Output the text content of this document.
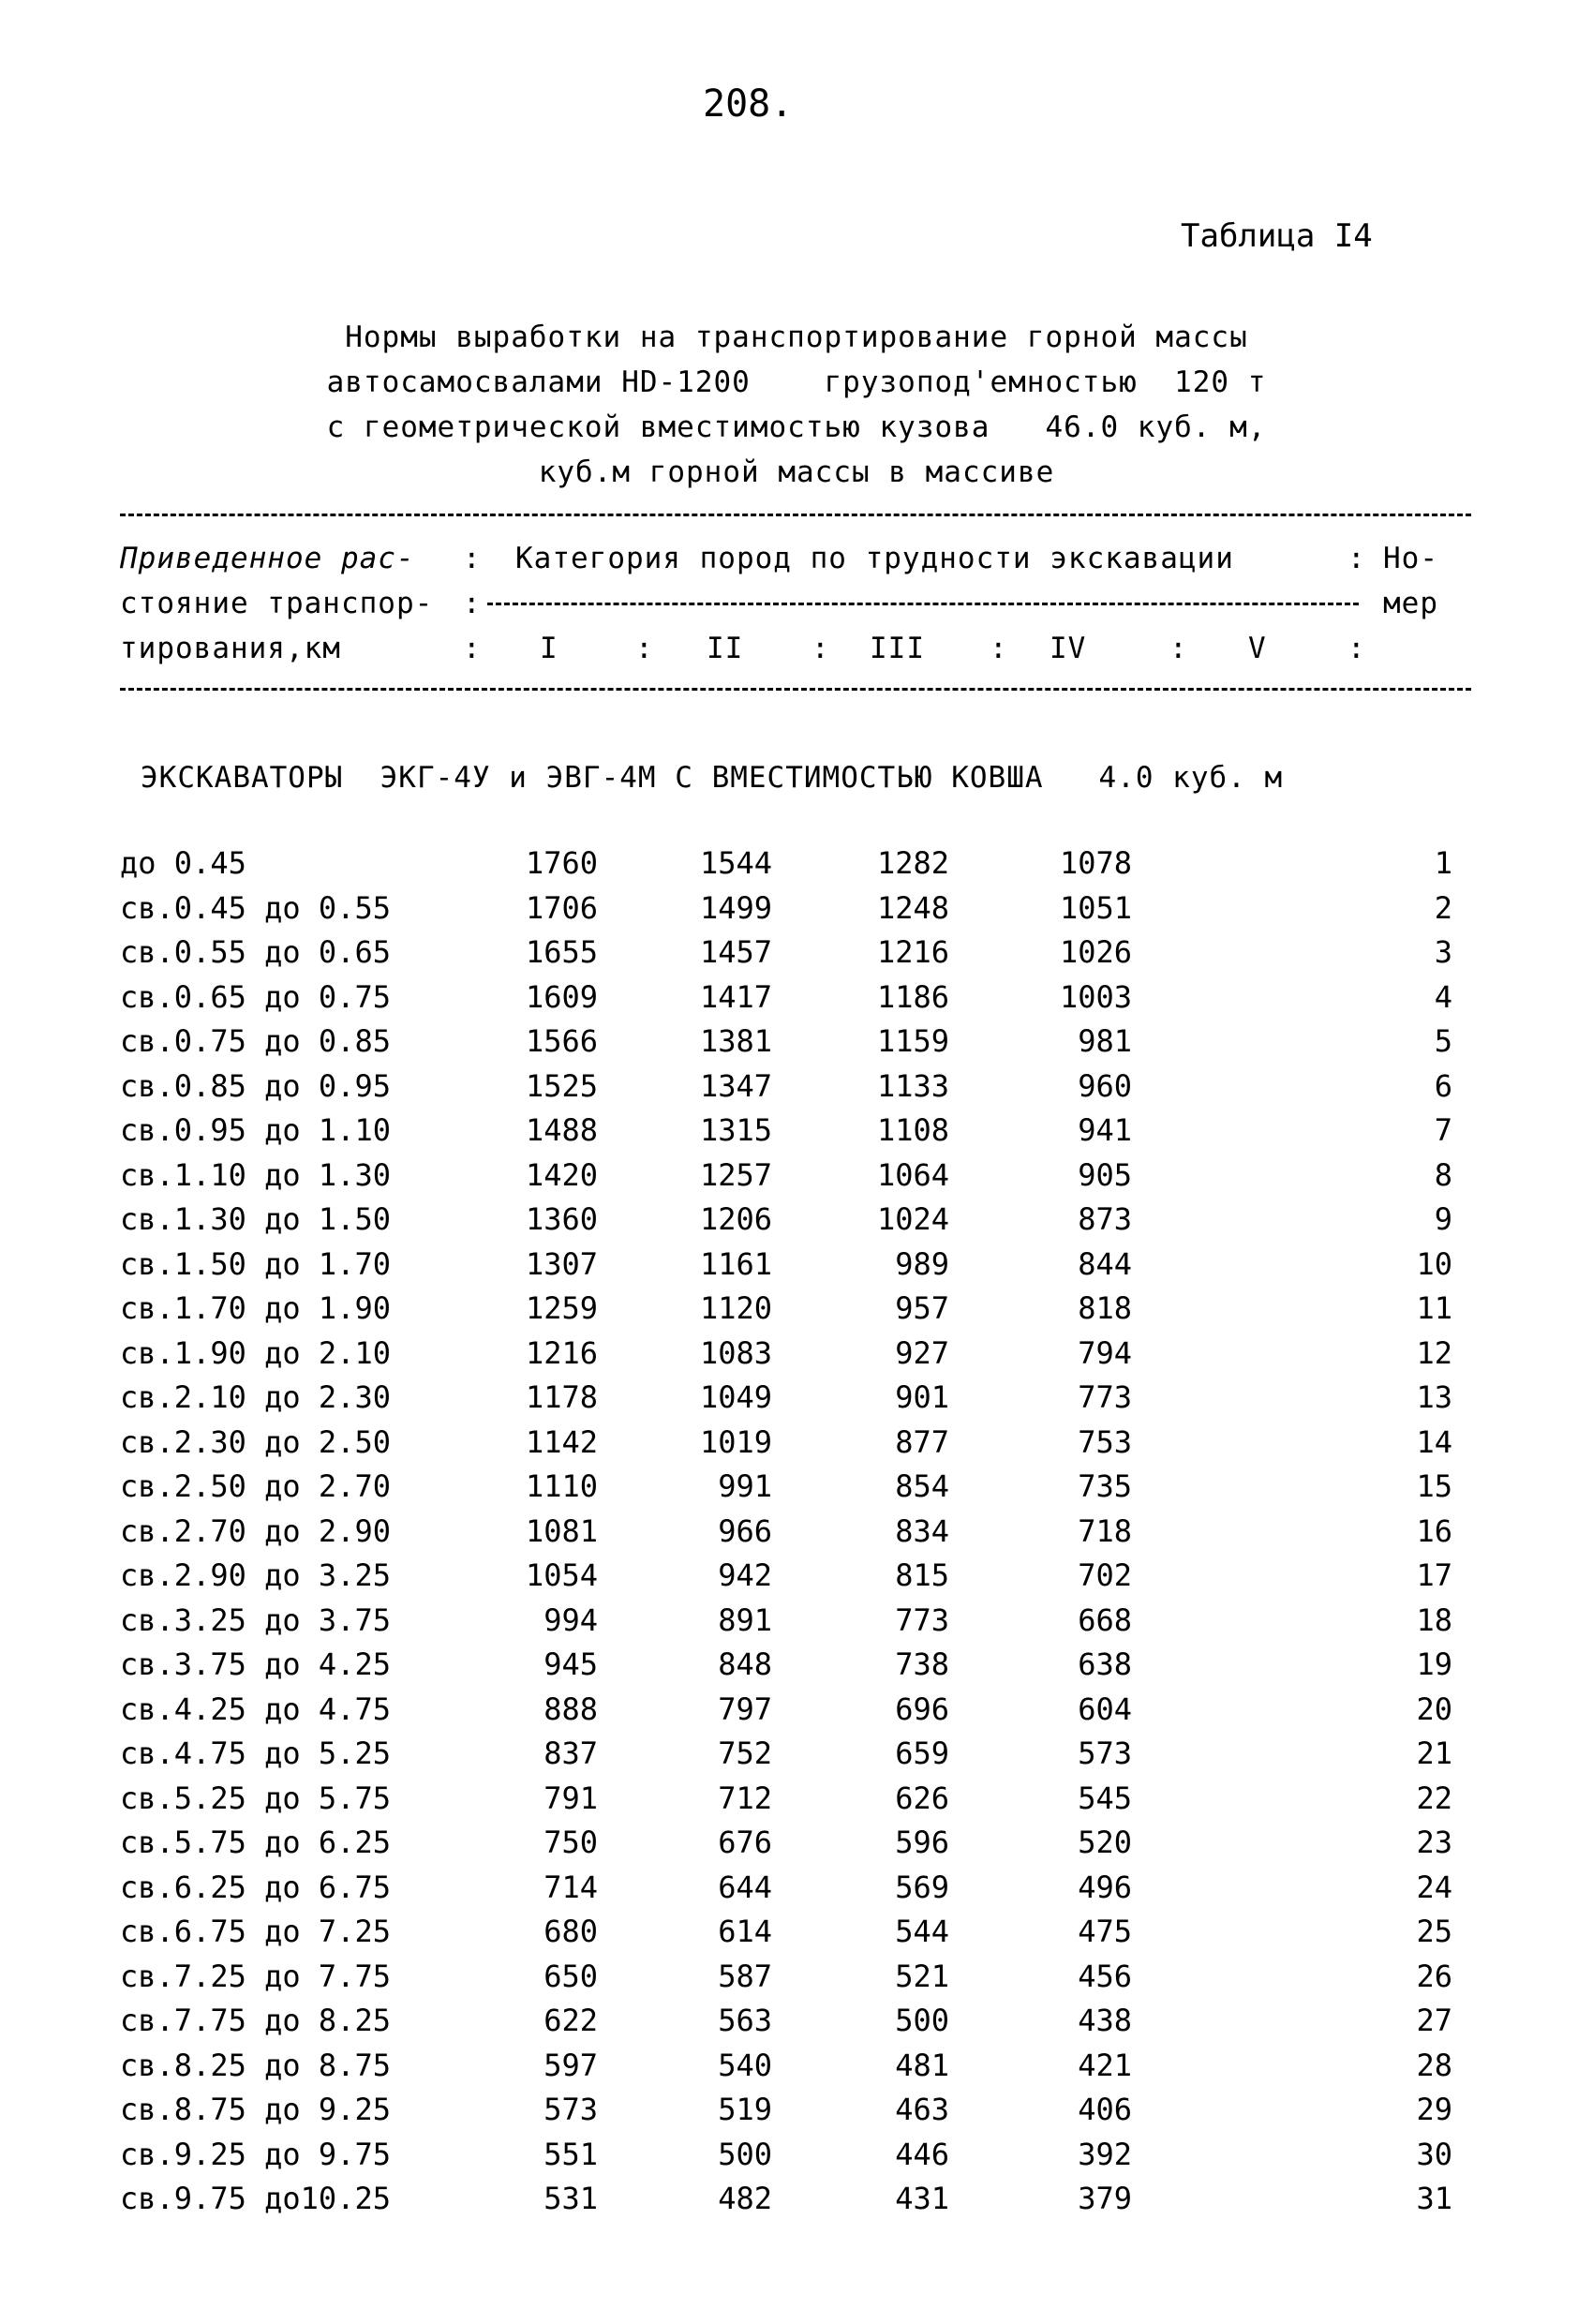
208.
Таблица I4
Нормы выработки на транспортирование горной массы
автосамосвалами HD-1200    грузопод'емностью  120 т
с геометрической вместимостью кузова   46.0 куб. м,
куб.м горной массы в массиве
Приведенное рас-
стояние транспор-
тирования,км
: Категория пород по трудности экскавации	: Но-
:	мер
: I	: II : III : IV	: V	:
ЭКСКАВАТОРЫ  ЭКГ-4У и ЭВГ-4М С ВМЕСТИМОСТЬЮ КОВША   4.0 куб. м
до 0.45	1760	1544	1282	1078	1
св.0.45 до 0.55	1706	1499	1248	1051	2
св.0.55 до 0.65	1655	1457	1216	1026	3
св.0.65 до 0.75	1609	1417	1186	1003	4
св.0.75 до 0.85	1566	1381	1159	981	5
св.0.85 до 0.95	1525	1347	1133	960	6
св.0.95 до 1.10	1488	1315	1108	941	7
св.1.10 до 1.30	1420	1257	1064	905	8
св.1.30 до 1.50	1360	1206	1024	873	9
св.1.50 до 1.70	1307	1161	989	844	10
св.1.70 до 1.90	1259	1120	957	818	11
св.1.90 до 2.10	1216	1083	927	794	12
св.2.10 до 2.30	1178	1049	901	773	13
св.2.30 до 2.50	1142	1019	877	753	14
св.2.50 до 2.70	1110	991	854	735	15
св.2.70 до 2.90	1081	966	834	718	16
св.2.90 до 3.25	1054	942	815	702	17
св.3.25 до 3.75	994	891	773	668	18
св.3.75 до 4.25	945	848	738	638	19
св.4.25 до 4.75	888	797	696	604	20
св.4.75 до 5.25	837	752	659	573	21
св.5.25 до 5.75	791	712	626	545	22
св.5.75 до 6.25	750	676	596	520	23
св.6.25 до 6.75	714	644	569	496	24
св.6.75 до 7.25	680	614	544	475	25
св.7.25 до 7.75	650	587	521	456	26
св.7.75 до 8.25	622	563	500	438	27
св.8.25 до 8.75	597	540	481	421	28
св.8.75 до 9.25	573	519	463	406	29
св.9.25 до 9.75	551	500	446	392	30
св.9.75 до10.25	531	482	431	379	31
